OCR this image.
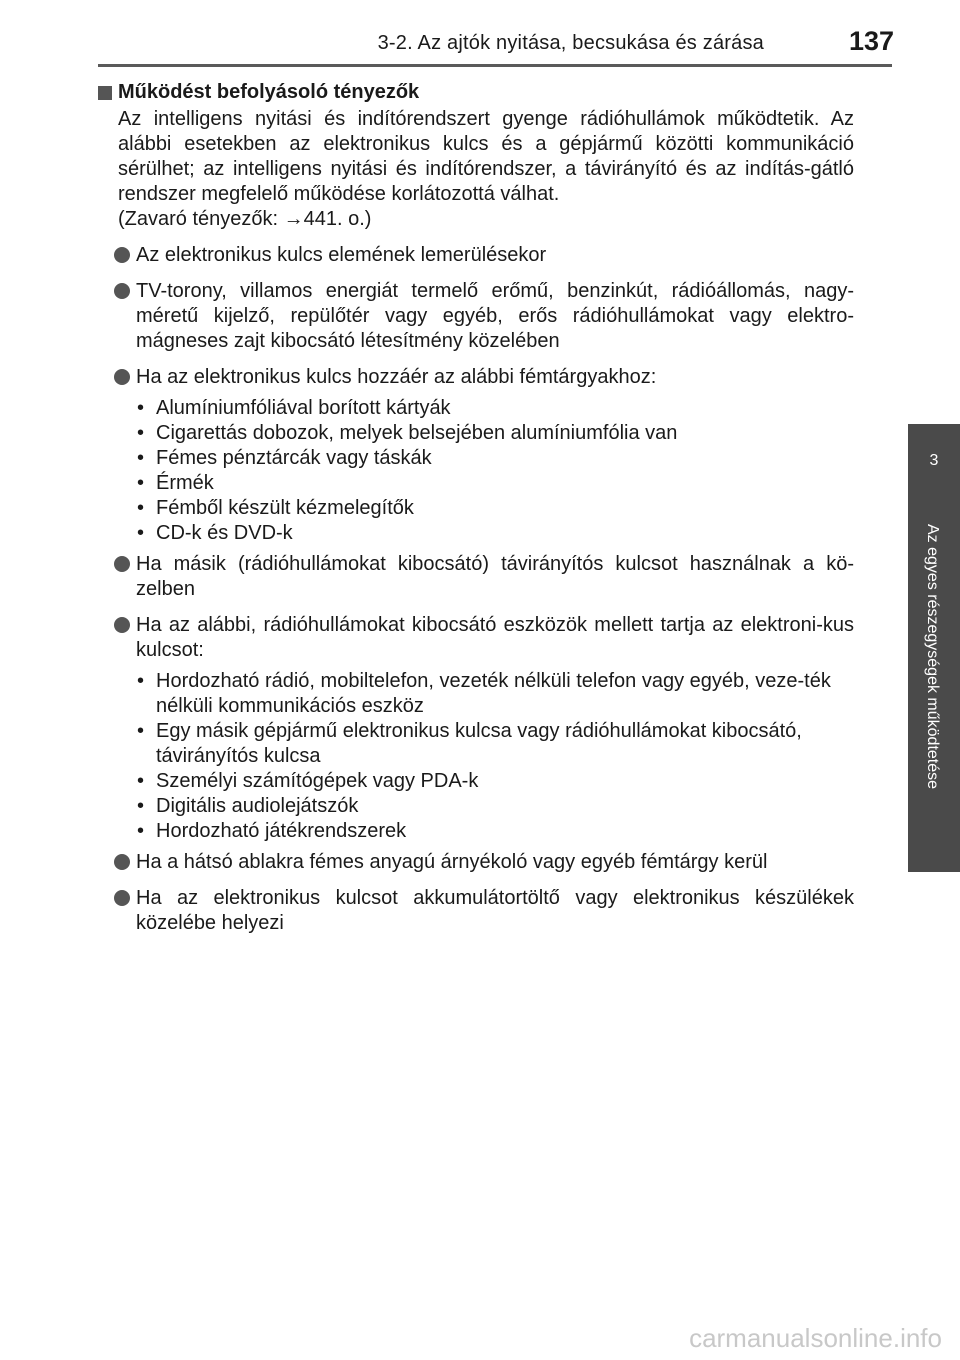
3-2. Az ajtók nyitása, becsukása és zárása	137
3
Az egyes részegységek működtetése
Működést befolyásoló tényezők

Az intelligens nyitási és indítórendszert gyenge rádióhullámok működtetik. Az alábbi esetekben az elektronikus kulcs és a gépjármű közötti kommunikáció sérülhet; az intelligens nyitási és indítórendszer, a távirányító és az indítás-gátló rendszer megfelelő működése korlátozottá válhat.

(Zavaró tényezők: →441. o.)

Az elektronikus kulcs elemének lemerülésekor
TV-torony, villamos energiát termelő erőmű, benzinkút, rádióállomás, nagy-méretű kijelző, repülőtér vagy egyéb, erős rádióhullámokat vagy elektro-mágneses zajt kibocsátó létesítmény közelében
Ha az elektronikus kulcs hozzáér az alábbi fémtárgyakhoz:
• Alumíniumfóliával borított kártyák
• Cigarettás dobozok, melyek belsejében alumíniumfólia van
• Fémes pénztárcák vagy táskák
• Érmék
• Fémből készült kézmelegítők
• CD-k és DVD-k
Ha másik (rádióhullámokat kibocsátó) távirányítós kulcsot használnak a kö-zelben
Ha az alábbi, rádióhullámokat kibocsátó eszközök mellett tartja az elektroni-kus kulcsot:
• Hordozható rádió, mobiltelefon, vezeték nélküli telefon vagy egyéb, veze-ték nélküli kommunikációs eszköz
• Egy másik gépjármű elektronikus kulcsa vagy rádióhullámokat kibocsátó, távirányítós kulcsa
• Személyi számítógépek vagy PDA-k
• Digitális audiolejátszók
• Hordozható játékrendszerek
Ha a hátsó ablakra fémes anyagú árnyékoló vagy egyéb fémtárgy kerül
Ha az elektronikus kulcsot akkumulátortöltő vagy elektronikus készülékek közelébe helyezi
carmanualsonline.info
